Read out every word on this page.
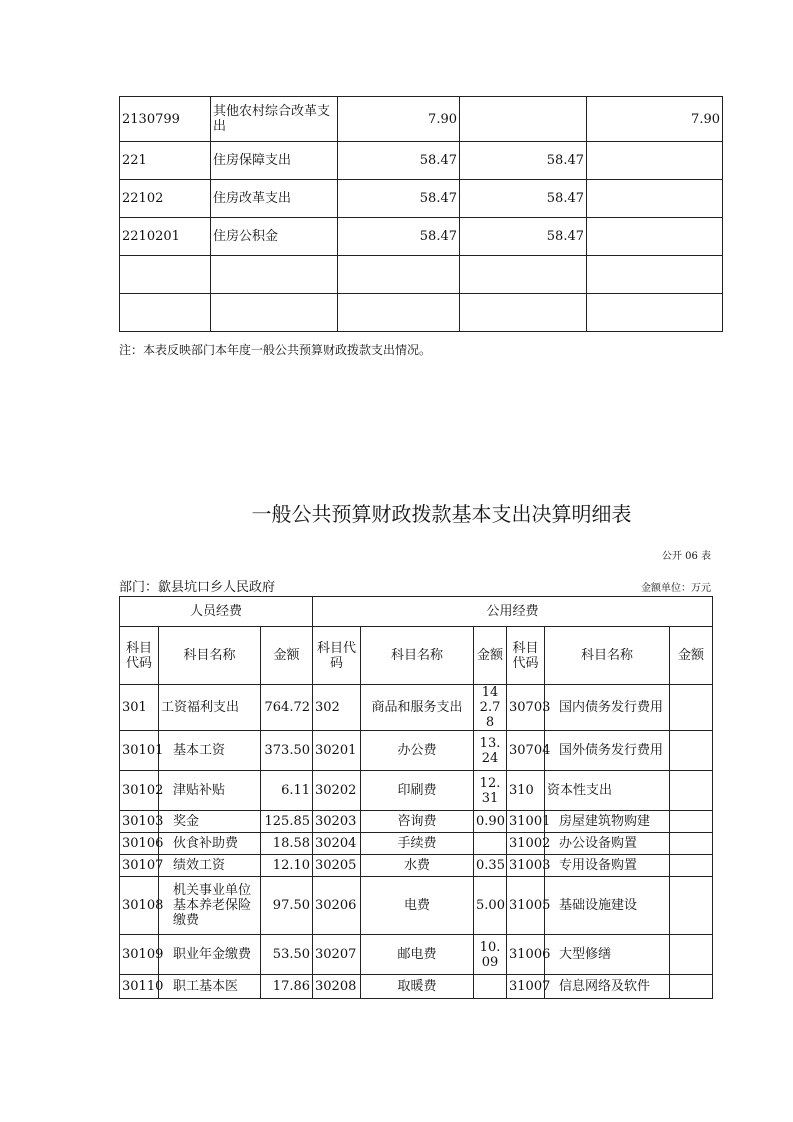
2130799	其他农村综合改革支出	7.90		7.90
221	住房保障支出	58.47	58.47	
22102	住房改革支出	58.47	58.47	
2210201	住房公积金	58.47	58.47	

注：本表反映部门本年度一般公共预算财政拨款支出情况。
一般公共预算财政拨款基本支出决算明细表
公开 06 表
部门：歙县坑口乡人民政府	金额单位：万元
人员经费			公用经费					
科目代码	科目名称	金额	科目代码	科目名称	金额	科目代码	科目名称	金额
301	工资福利支出	764.72	302	商品和服务支出	142.78	30703	国内债务发行费用	
30101	基本工资	373.50	30201	办公费	13.24	30704	国外债务发行费用	
30102	津贴补贴	6.11	30202	印刷费	12.31	310	资本性支出	
30103	奖金	125.85	30203	咨询费	0.90	31001	房屋建筑物购建	
30106	伙食补助费	18.58	30204	手续费		31002	办公设备购置	
30107	绩效工资	12.10	30205	水费	0.35	31003	专用设备购置	
30108	机关事业单位基本养老保险缴费	97.50	30206	电费	5.00	31005	基础设施建设	
30109	职业年金缴费	53.50	30207	邮电费	10.09	31006	大型修缮	
30110	职工基本医	17.86	30208	取暖费		31007	信息网络及软件	
